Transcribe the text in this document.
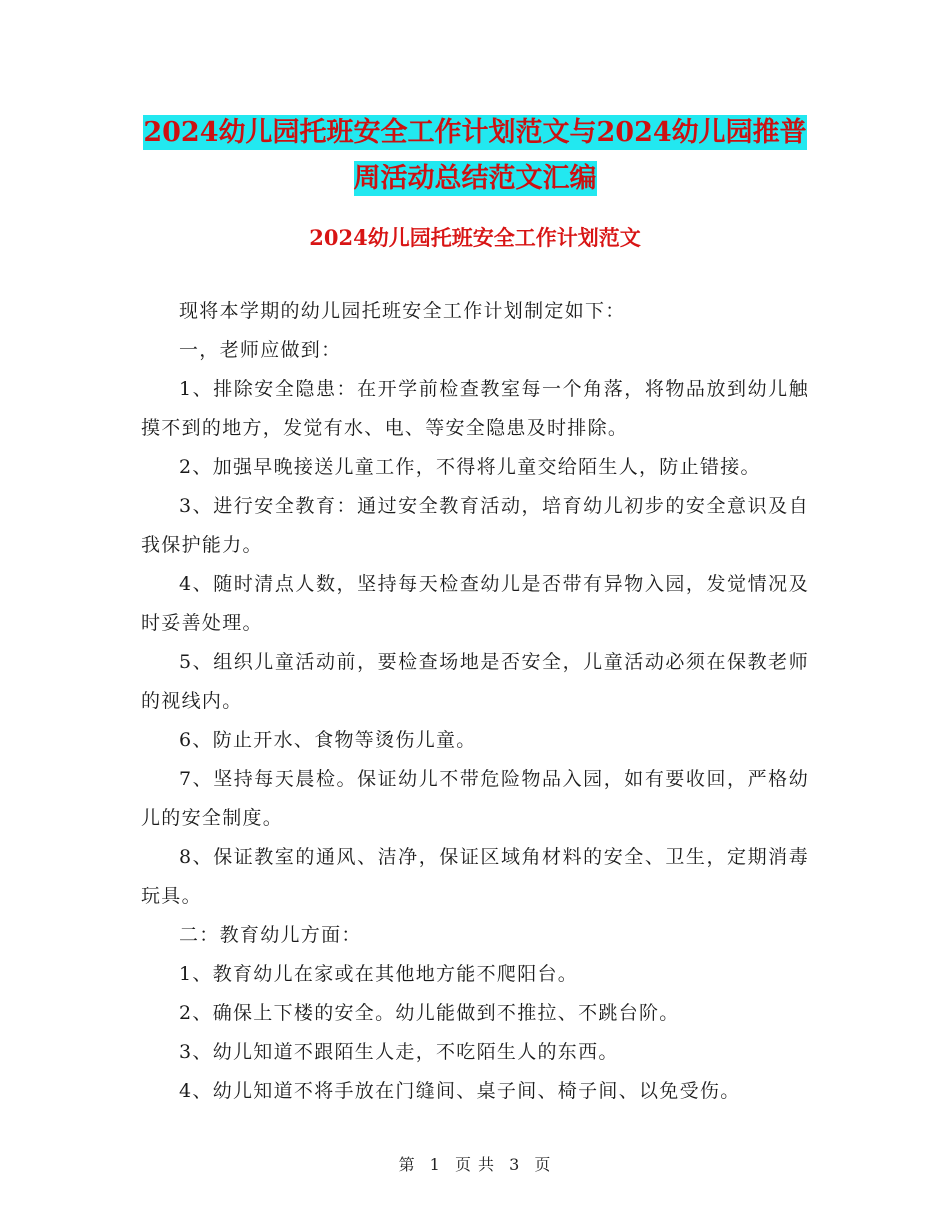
2024幼儿园托班安全工作计划范文与2024幼儿园推普
周活动总结范文汇编
2024幼儿园托班安全工作计划范文

现将本学期的幼儿园托班安全工作计划制定如下：

一，老师应做到：

1、排除安全隐患：在开学前检查教室每一个角落，将物品放到幼儿触摸不到的地方，发觉有水、电、等安全隐患及时排除。

2、加强早晚接送儿童工作，不得将儿童交给陌生人，防止错接。

3、进行安全教育：通过安全教育活动，培育幼儿初步的安全意识及自我保护能力。

4、随时清点人数，坚持每天检查幼儿是否带有异物入园，发觉情况及时妥善处理。

5、组织儿童活动前，要检查场地是否安全，儿童活动必须在保教老师的视线内。

6、防止开水、食物等烫伤儿童。

7、坚持每天晨检。保证幼儿不带危险物品入园，如有要收回，严格幼儿的安全制度。

8、保证教室的通风、洁净，保证区域角材料的安全、卫生，定期消毒玩具。

二：教育幼儿方面：

1、教育幼儿在家或在其他地方能不爬阳台。

2、确保上下楼的安全。幼儿能做到不推拉、不跳台阶。

3、幼儿知道不跟陌生人走，不吃陌生人的东西。

4、幼儿知道不将手放在门缝间、桌子间、椅子间、以免受伤。

第 1 页 共 3 页
